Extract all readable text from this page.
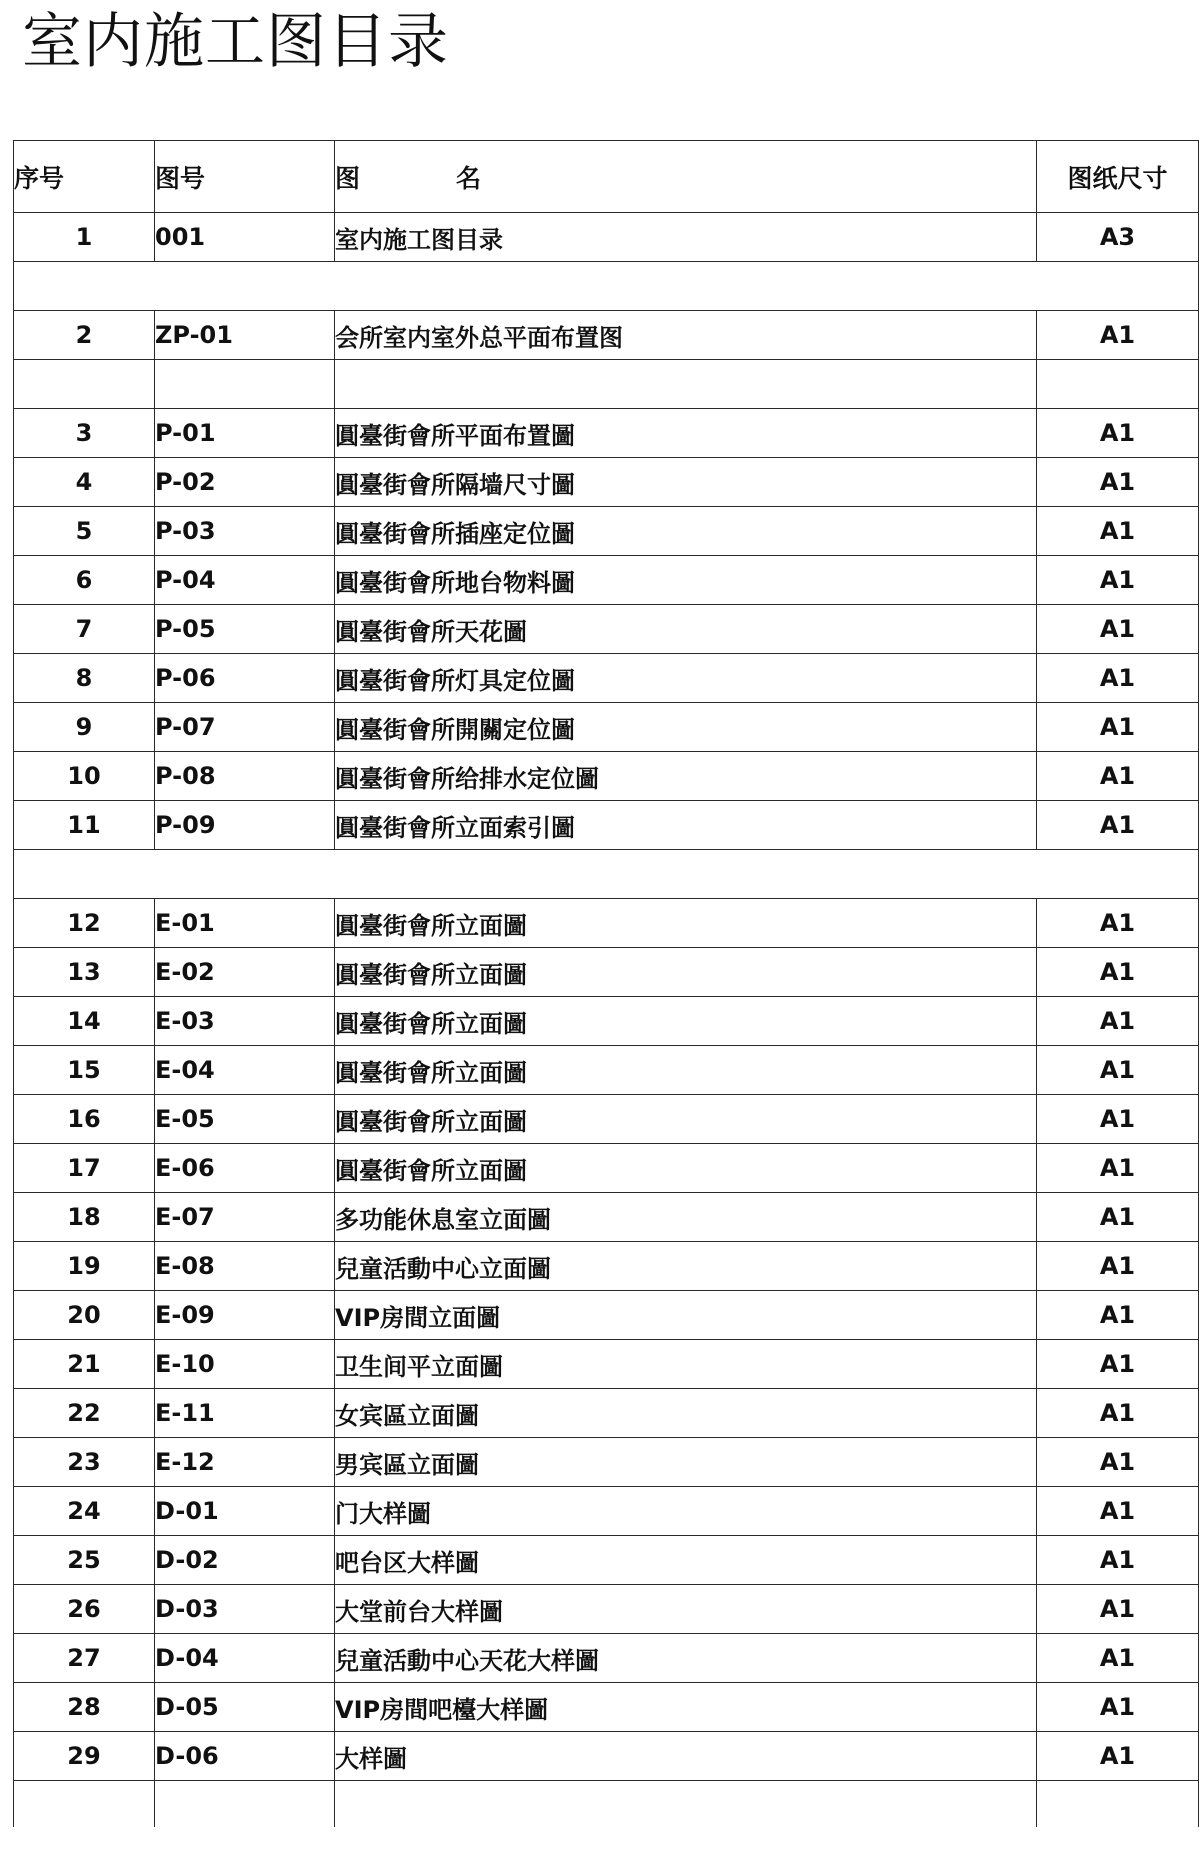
室内施工图目录
序号	图号	图 名	图纸尺寸
1	001	室内施工图目录	A3

2	ZP-01	会所室内室外总平面布置图	A1

3	P-01	圓臺街會所平面布置圖	A1
4	P-02	圓臺街會所隔墙尺寸圖	A1
5	P-03	圓臺街會所插座定位圖	A1
6	P-04	圓臺街會所地台物料圖	A1
7	P-05	圓臺街會所天花圖	A1
8	P-06	圓臺街會所灯具定位圖	A1
9	P-07	圓臺街會所開關定位圖	A1
10	P-08	圓臺街會所给排水定位圖	A1
11	P-09	圓臺街會所立面索引圖	A1

12	E-01	圓臺街會所立面圖	A1
13	E-02	圓臺街會所立面圖	A1
14	E-03	圓臺街會所立面圖	A1
15	E-04	圓臺街會所立面圖	A1
16	E-05	圓臺街會所立面圖	A1
17	E-06	圓臺街會所立面圖	A1
18	E-07	多功能休息室立面圖	A1
19	E-08	兒童活動中心立面圖	A1
20	E-09	VIP房間立面圖	A1
21	E-10	卫生间平立面圖	A1
22	E-11	女宾區立面圖	A1
23	E-12	男宾區立面圖	A1
24	D-01	门大样圖	A1
25	D-02	吧台区大样圖	A1
26	D-03	大堂前台大样圖	A1
27	D-04	兒童活動中心天花大样圖	A1
28	D-05	VIP房間吧檯大样圖	A1
29	D-06	大样圖	A1
